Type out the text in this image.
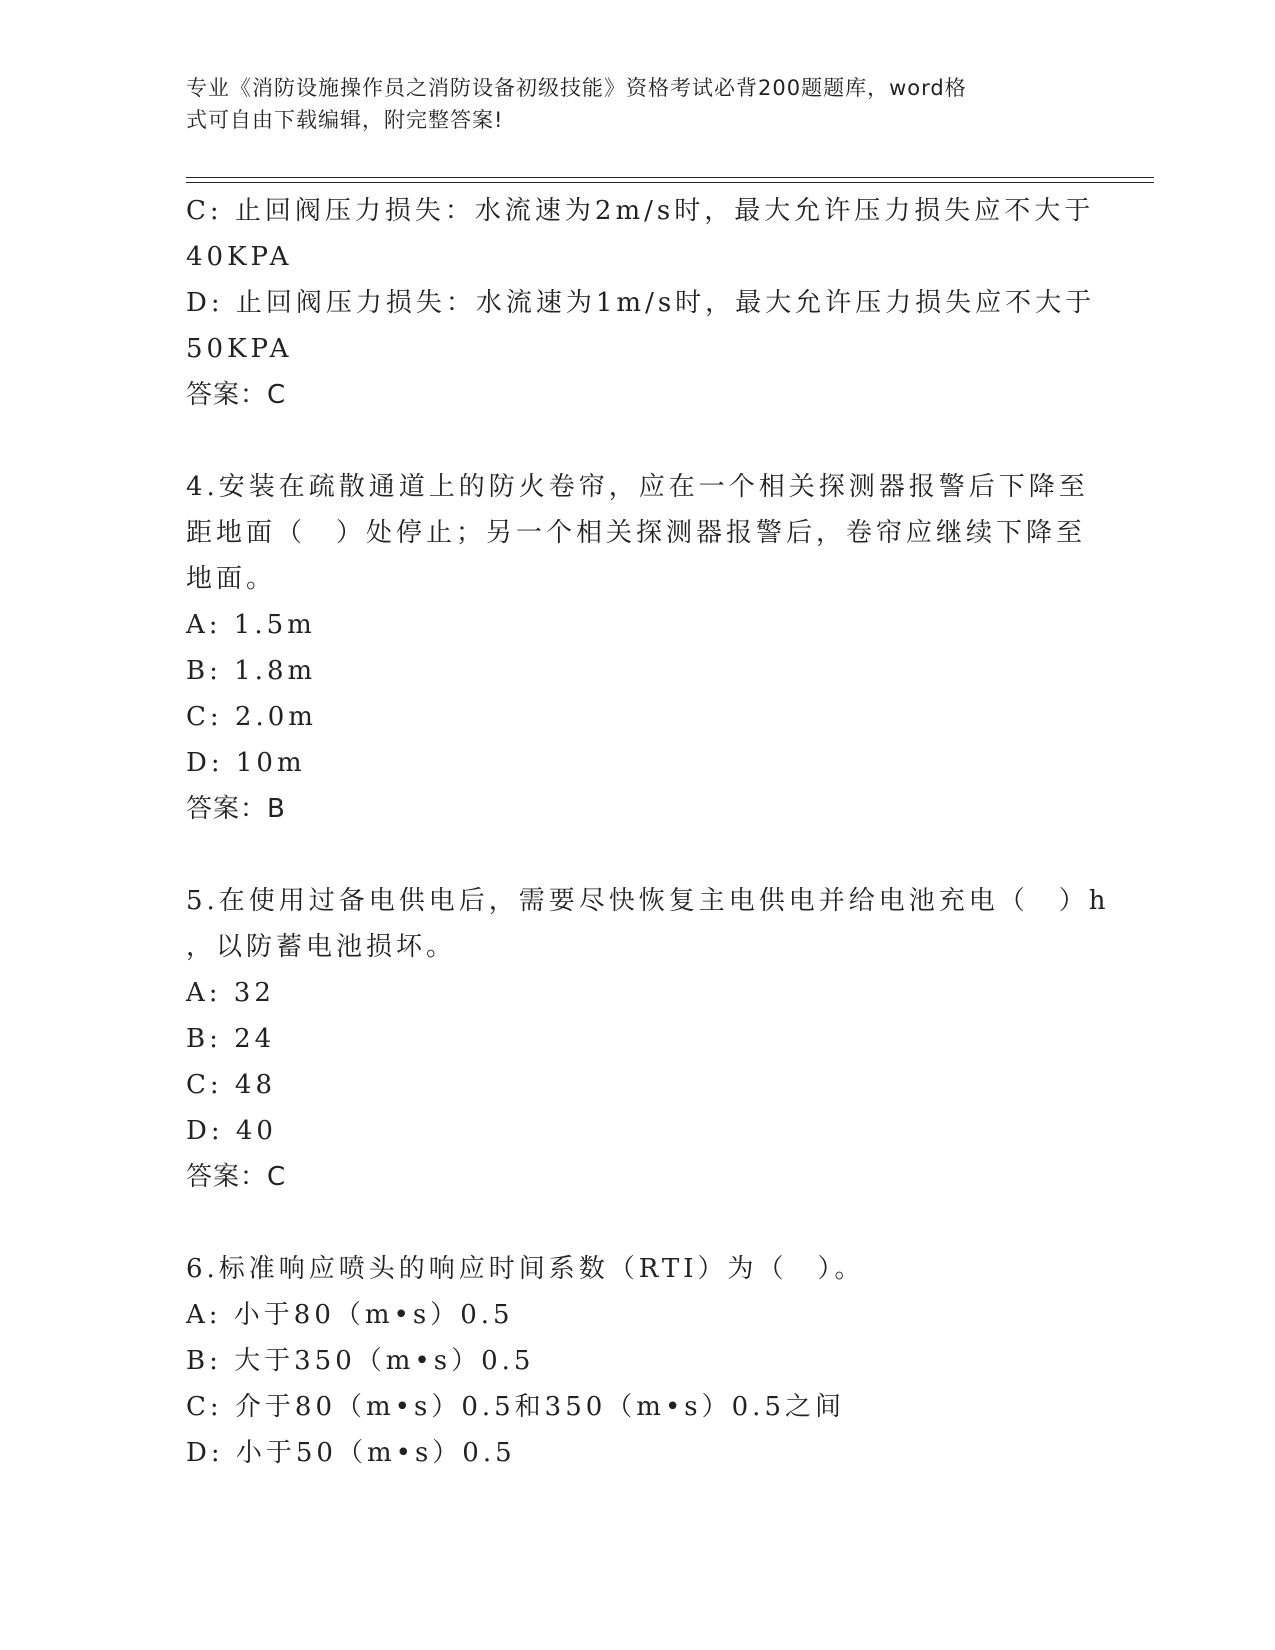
专业《消防设施操作员之消防设备初级技能》资格考试必背200题题库，word格
式可自由下载编辑，附完整答案!
C: 止回阀压力损失：水流速为2m/s时，最大允许压力损失应不大于
40KPA
D: 止回阀压力损失：水流速为1m/s时，最大允许压力损失应不大于
50KPA
答案：C
4.安装在疏散通道上的防火卷帘，应在一个相关探测器报警后下降至
距地面（　）处停止；另一个相关探测器报警后，卷帘应继续下降至
地面。
A: 1.5m
B: 1.8m
C: 2.0m
D: 10m
答案：B
5.在使用过备电供电后，需要尽快恢复主电供电并给电池充电（　）h
，以防蓄电池损坏。
A: 32
B: 24
C: 48
D: 40
答案：C
6.标准响应喷头的响应时间系数（RTI）为（　）。
A: 小于80（m•s）0.5
B: 大于350（m•s）0.5
C: 介于80（m•s）0.5和350（m•s）0.5之间
D: 小于50（m•s）0.5
